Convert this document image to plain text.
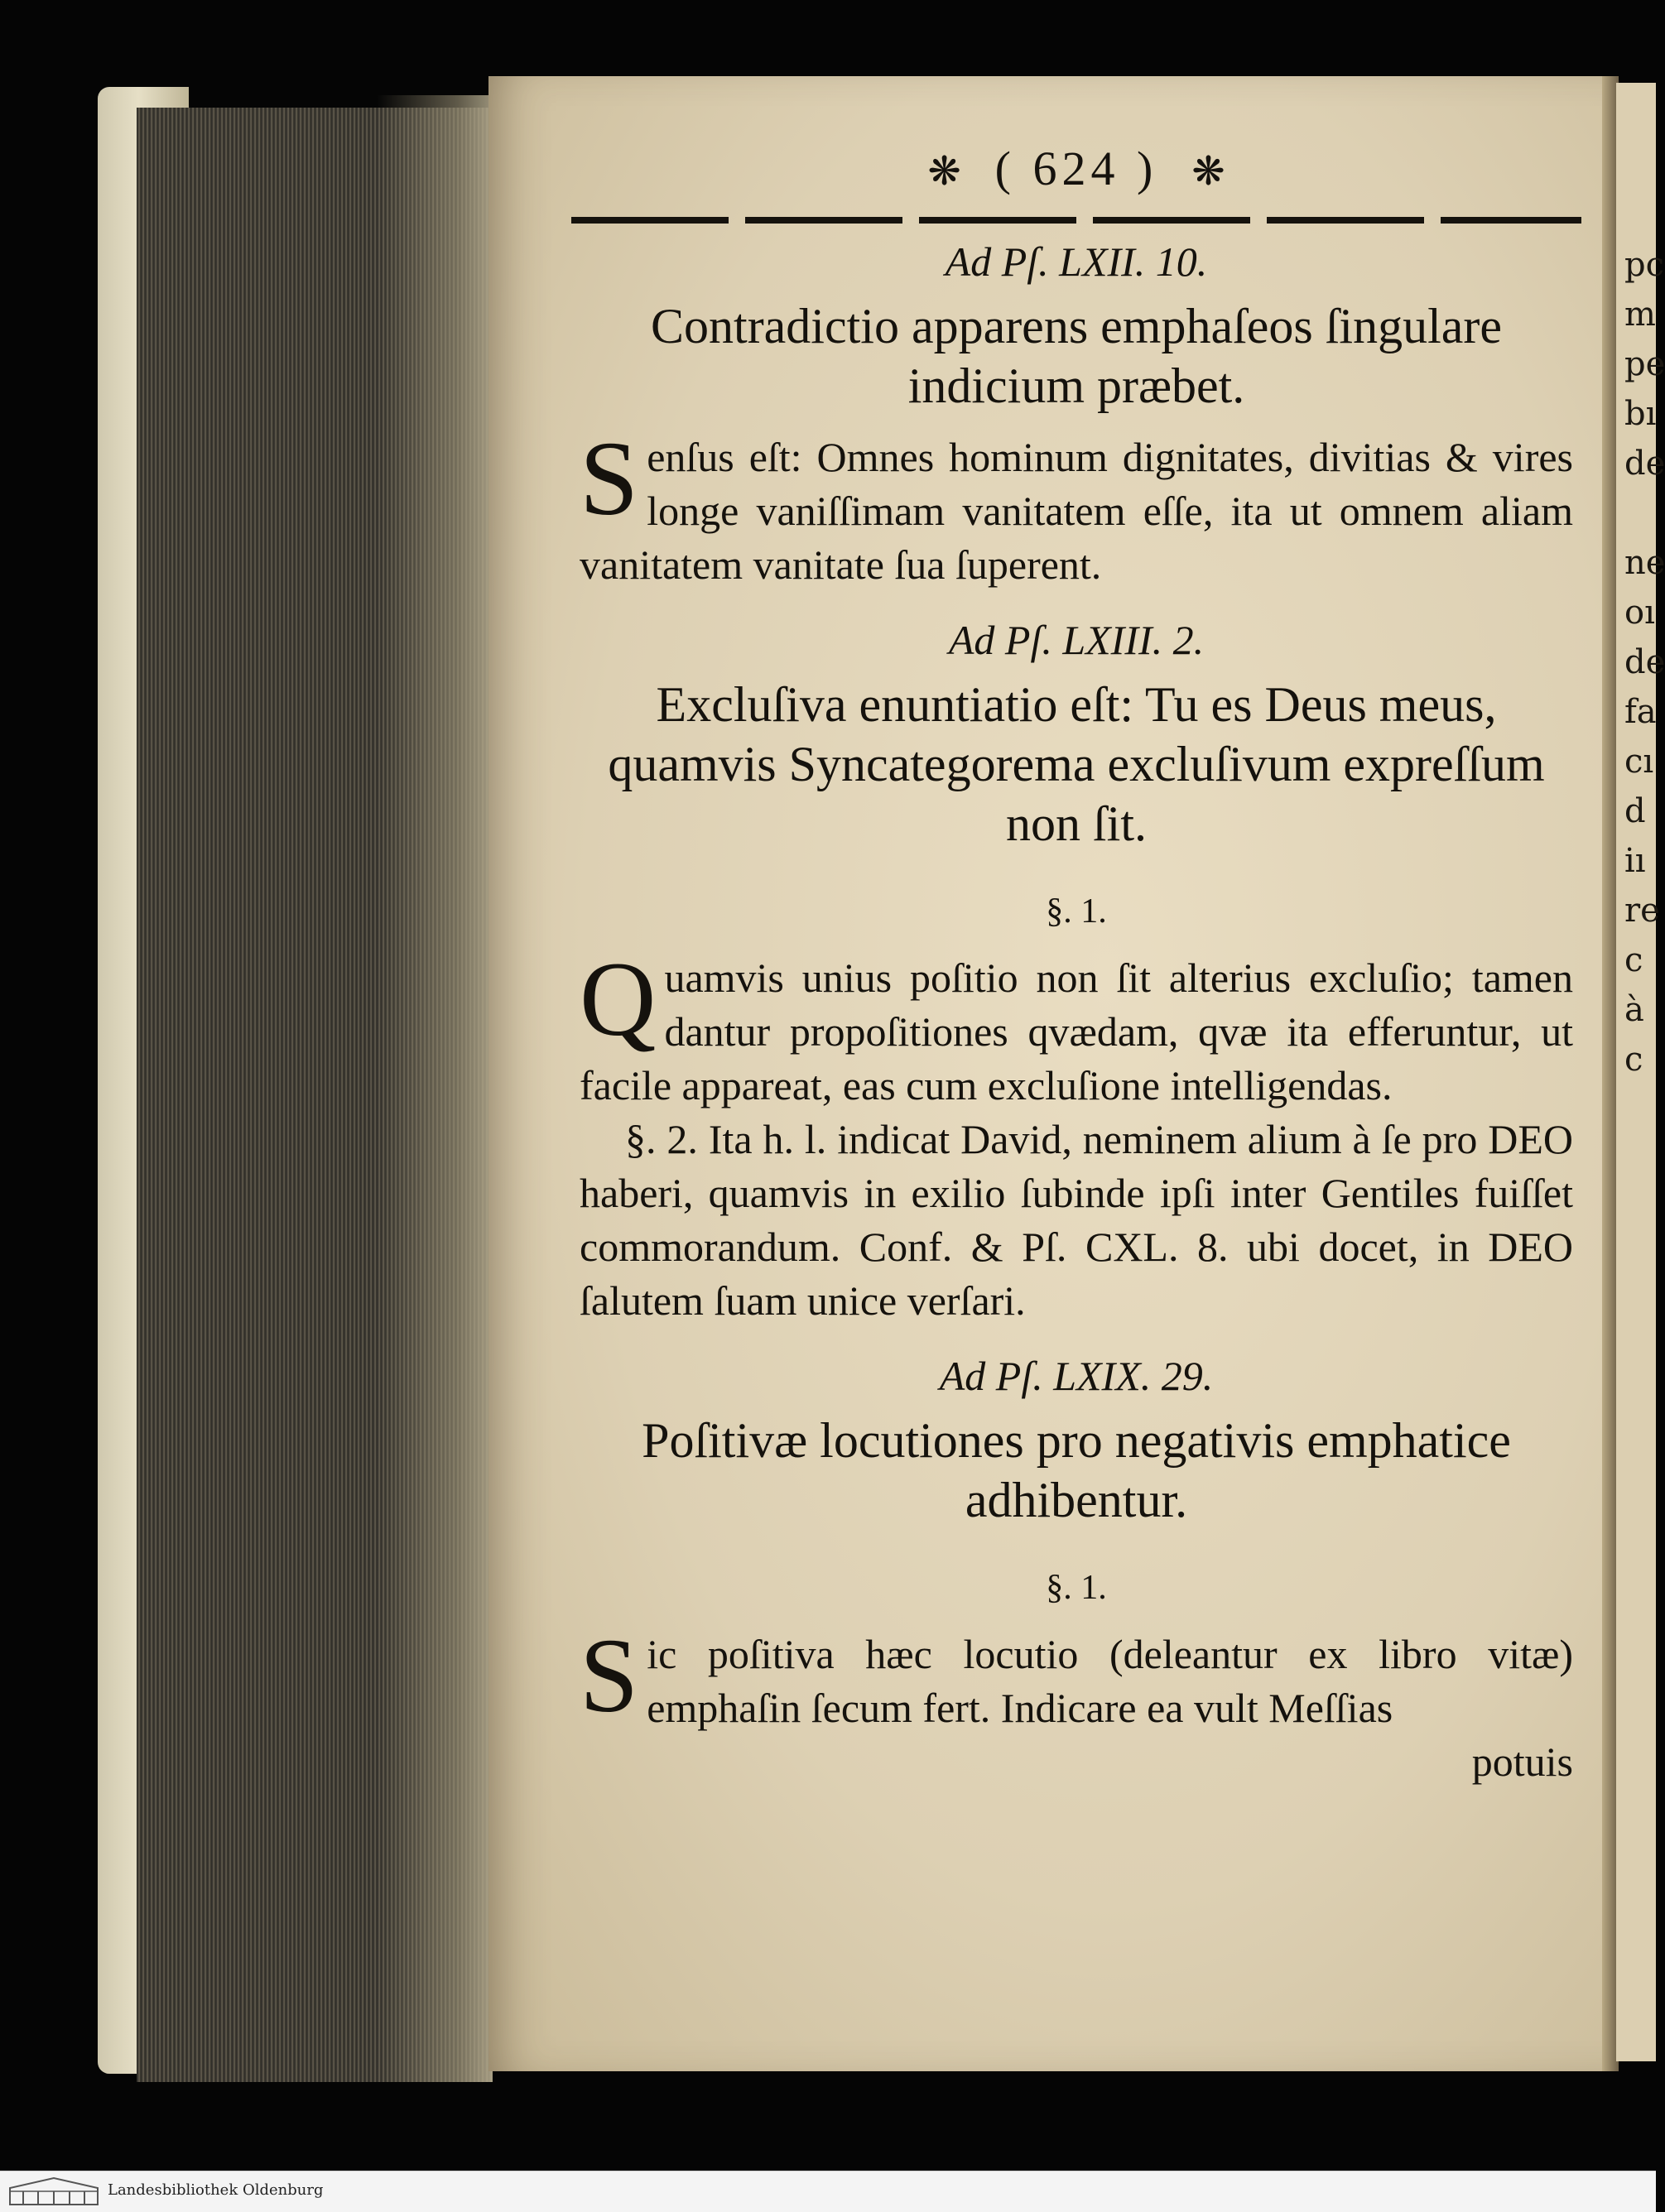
pc
m
pe
bı
de

ne
oı
de
fa
cı
d
iı
re
c
à
c
❋  ( 624 )  ❋
Ad Pſ. LXII. 10.
Contradictio apparens emphaſeos ſingulare indicium præbet.

Senſus eſt: Omnes hominum dignitates, divitias & vires longe vaniſſimam vanitatem eſſe, ita ut omnem aliam vanitatem vanitate ſua ſuperent.

Ad Pſ. LXIII. 2.
Excluſiva enuntiatio eſt: Tu es Deus meus, quamvis Syncategorema excluſivum expreſſum non ſit.
§. 1.

Quamvis unius poſitio non ſit alterius excluſio; tamen dantur propoſitiones qvædam, qvæ ita efferuntur, ut facile appareat, eas cum excluſione intelligendas.

§. 2. Ita h. l. indicat David, neminem alium à ſe pro DEO haberi, quamvis in exilio ſubinde ipſi inter Gentiles fuiſſet commorandum. Conf. & Pſ. CXL. 8. ubi docet, in DEO ſalutem ſuam unice verſari.

Ad Pſ. LXIX. 29.
Poſitivæ locutiones pro negativis emphatice adhibentur.
§. 1.

Sic poſitiva hæc locutio (deleantur ex libro vitæ) emphaſin ſecum fert. Indicare ea vult Meſſias

potuis
Landesbibliothek Oldenburg
